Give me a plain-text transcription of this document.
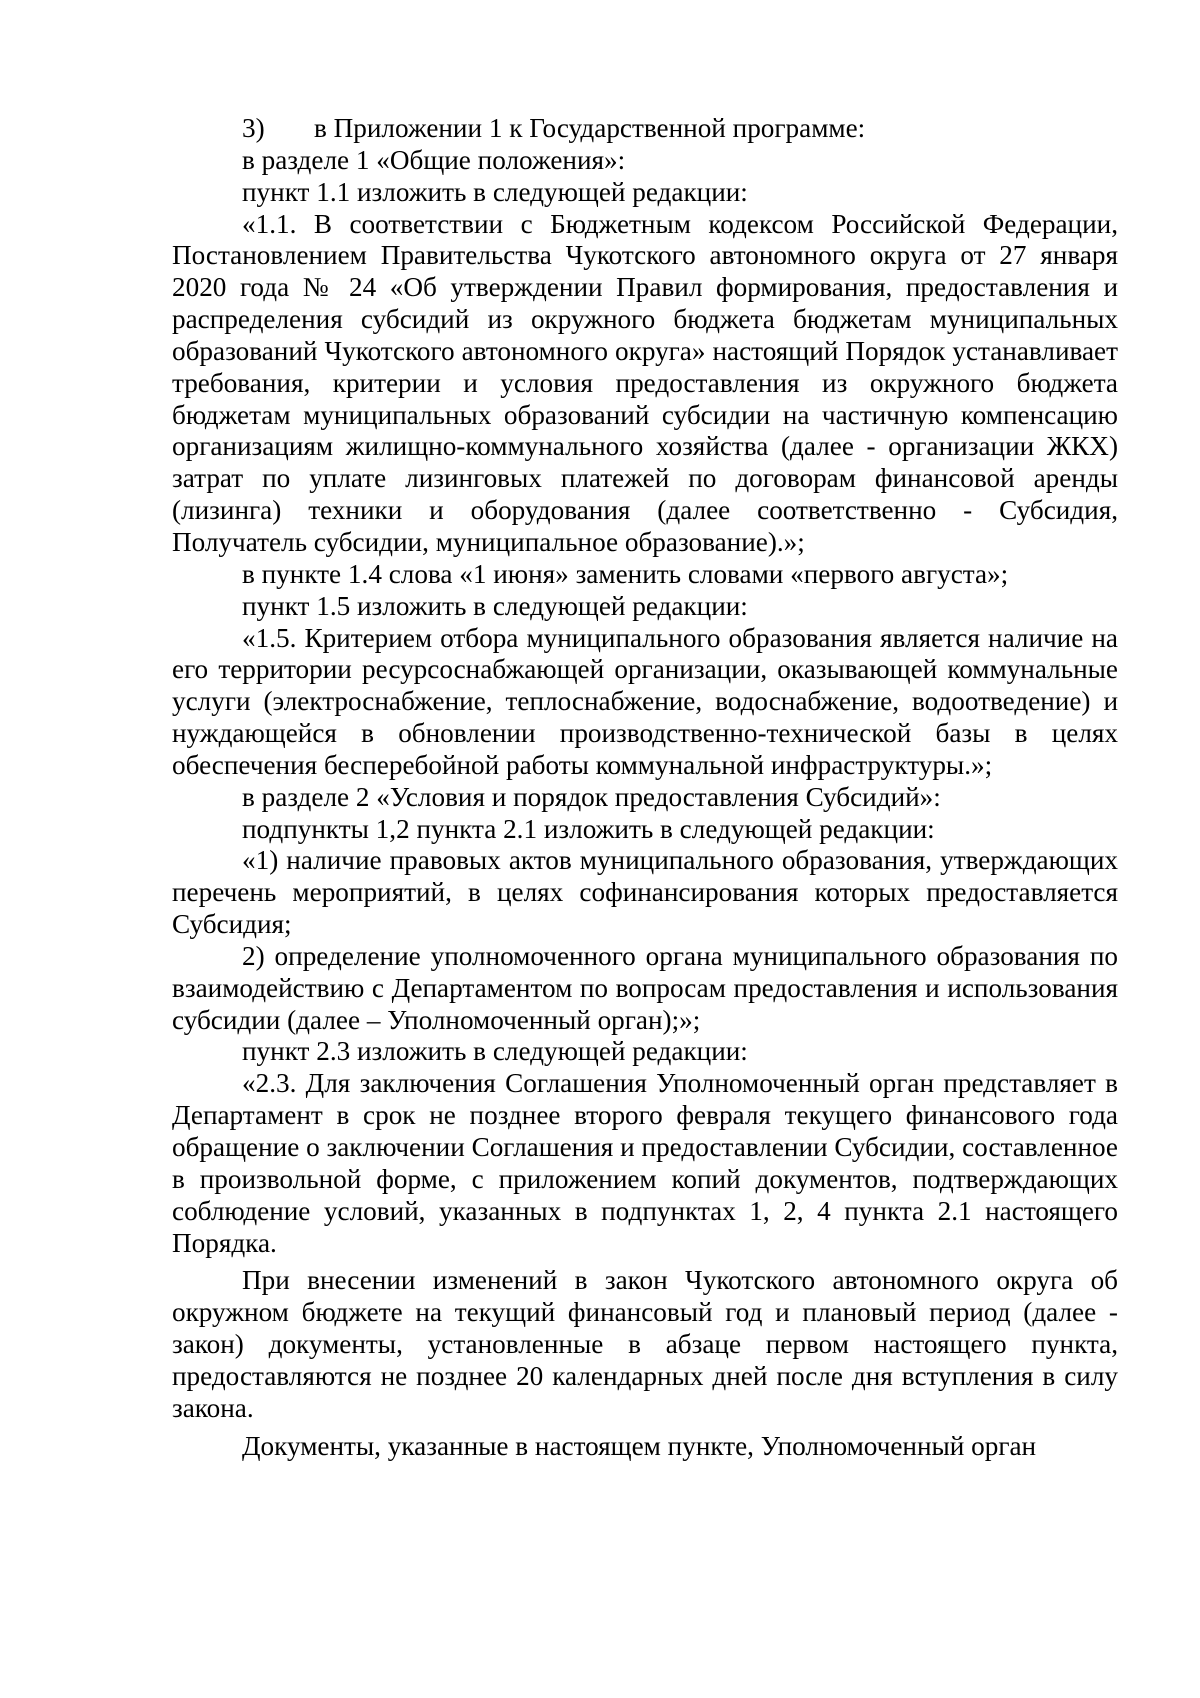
3) в Приложении 1 к Государственной программе:

в разделе 1 «Общие положения»:

пункт 1.1 изложить в следующей редакции:

«1.1. В соответствии с Бюджетным кодексом Российской Федерации, Постановлением Правительства Чукотского автономного округа от 27 января 2020 года № 24 «Об утверждении Правил формирования, предоставления и распределения субсидий из окружного бюджета бюджетам муниципальных образований Чукотского автономного округа» настоящий Порядок устанавливает требования, критерии и условия предоставления из окружного бюджета бюджетам муниципальных образований субсидии на частичную компенсацию организациям жилищно-коммунального хозяйства (далее - организации ЖКХ) затрат по уплате лизинговых платежей по договорам финансовой аренды (лизинга) техники и оборудования (далее соответственно - Субсидия, Получатель субсидии, муниципальное образование).»;

в пункте 1.4 слова «1 июня» заменить словами «первого августа»;

пункт 1.5 изложить в следующей редакции:

«1.5. Критерием отбора муниципального образования является наличие на его территории ресурсоснабжающей организации, оказывающей коммунальные услуги (электроснабжение, теплоснабжение, водоснабжение, водоотведение) и нуждающейся в обновлении производственно-технической базы в целях обеспечения бесперебойной работы коммунальной инфраструктуры.»;

в разделе 2 «Условия и порядок предоставления Субсидий»:

подпункты 1,2 пункта 2.1 изложить в следующей редакции:

«1) наличие правовых актов муниципального образования, утверждающих перечень мероприятий, в целях софинансирования которых предоставляется Субсидия;

2) определение уполномоченного органа муниципального образования по взаимодействию с Департаментом по вопросам предоставления и использования субсидии (далее – Уполномоченный орган);»;

пункт 2.3 изложить в следующей редакции:

«2.3. Для заключения Соглашения Уполномоченный орган представляет в Департамент в срок не позднее второго февраля текущего финансового года обращение о заключении Соглашения и предоставлении Субсидии, составленное в произвольной форме, с приложением копий документов, подтверждающих соблюдение условий, указанных в подпунктах 1, 2, 4 пункта 2.1 настоящего Порядка.

При внесении изменений в закон Чукотского автономного округа об окружном бюджете на текущий финансовый год и плановый период (далее - закон) документы, установленные в абзаце первом настоящего пункта, предоставляются не позднее 20 календарных дней после дня вступления в силу закона.

Документы, указанные в настоящем пункте, Уполномоченный орган
